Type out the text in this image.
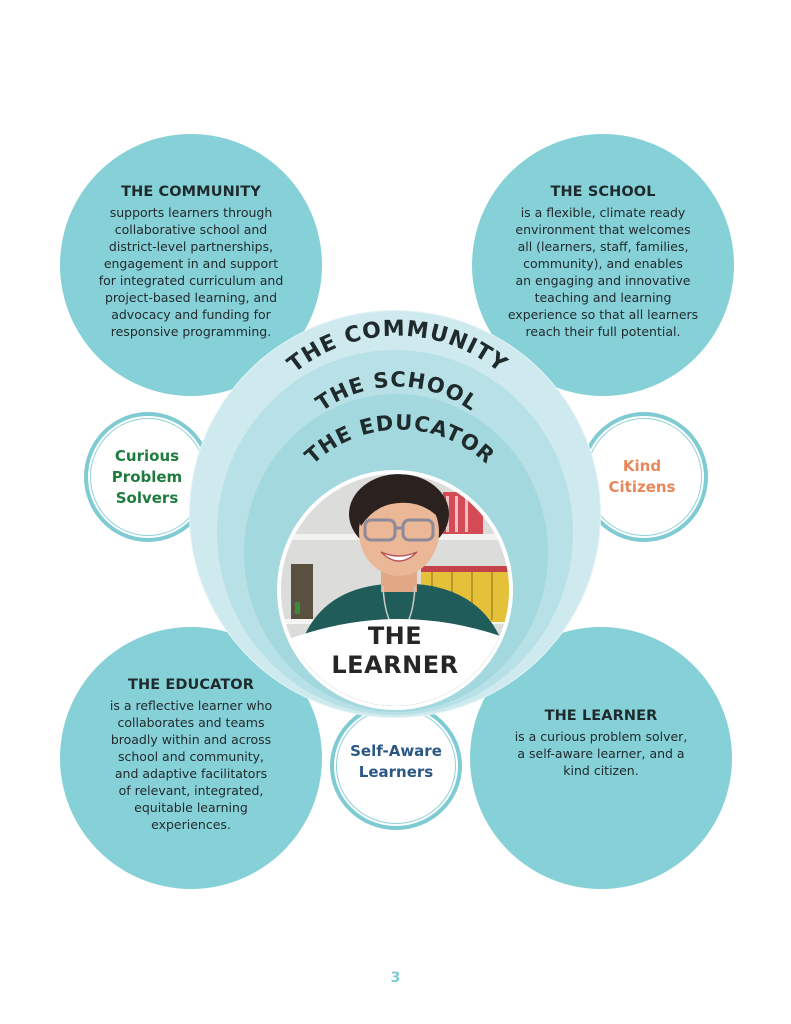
THE COMMUNITY

supports learners through
collaborative school and
district-level partnerships,
engagement in and support
for integrated curriculum and
project-based learning, and
advocacy and funding for
responsive programming.

THE SCHOOL

is a flexible, climate ready
environment that welcomes
all (learners, staff, families,
community), and enables
an engaging and innovative
teaching and learning
experience so that all learners
reach their full potential.

THE EDUCATOR

is a reflective learner who
collaborates and teams
broadly within and across
school and community,
and adaptive facilitators
of relevant, integrated,
equitable learning
experiences.

THE LEARNER

is a curious problem solver,
a self-aware learner, and a
kind citizen.

Curious
Problem
Solvers
Kind
Citizens
Self-Aware
Learners
THE COMMUNITY
THE SCHOOL
THE EDUCATOR
THE
LEARNER
3
